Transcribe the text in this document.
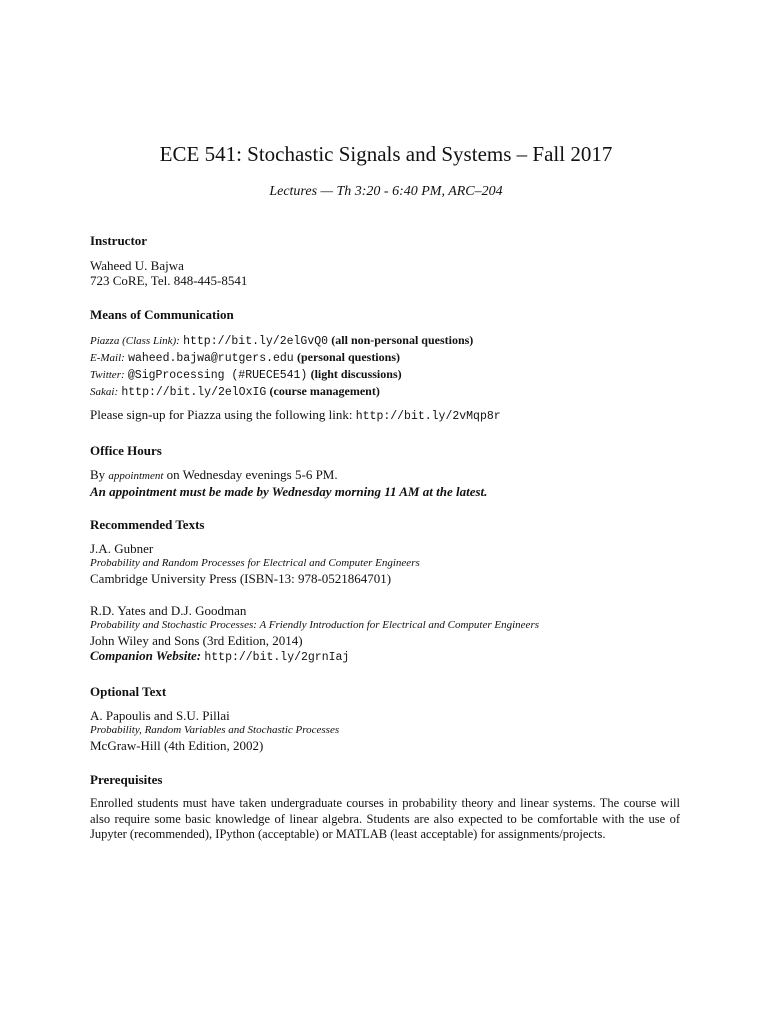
ECE 541: Stochastic Signals and Systems – Fall 2017
Lectures — Th 3:20 - 6:40 PM, ARC–204
Instructor
Waheed U. Bajwa
723 CoRE, Tel. 848-445-8541
Means of Communication
Piazza (Class Link): http://bit.ly/2elGvQ0 (all non-personal questions)
E-Mail: waheed.bajwa@rutgers.edu (personal questions)
Twitter: @SigProcessing (#RUECE541) (light discussions)
Sakai: http://bit.ly/2elOxIG (course management)
Please sign-up for Piazza using the following link: http://bit.ly/2vMqp8r
Office Hours
By appointment on Wednesday evenings 5-6 PM.
An appointment must be made by Wednesday morning 11 AM at the latest.
Recommended Texts
J.A. Gubner
Probability and Random Processes for Electrical and Computer Engineers
Cambridge University Press (ISBN-13: 978-0521864701)
R.D. Yates and D.J. Goodman
Probability and Stochastic Processes: A Friendly Introduction for Electrical and Computer Engineers
John Wiley and Sons (3rd Edition, 2014)
Companion Website: http://bit.ly/2grnIaj
Optional Text
A. Papoulis and S.U. Pillai
Probability, Random Variables and Stochastic Processes
McGraw-Hill (4th Edition, 2002)
Prerequisites
Enrolled students must have taken undergraduate courses in probability theory and linear systems. The course will also require some basic knowledge of linear algebra. Students are also expected to be comfortable with the use of Jupyter (recommended), IPython (acceptable) or MATLAB (least acceptable) for assignments/projects.
